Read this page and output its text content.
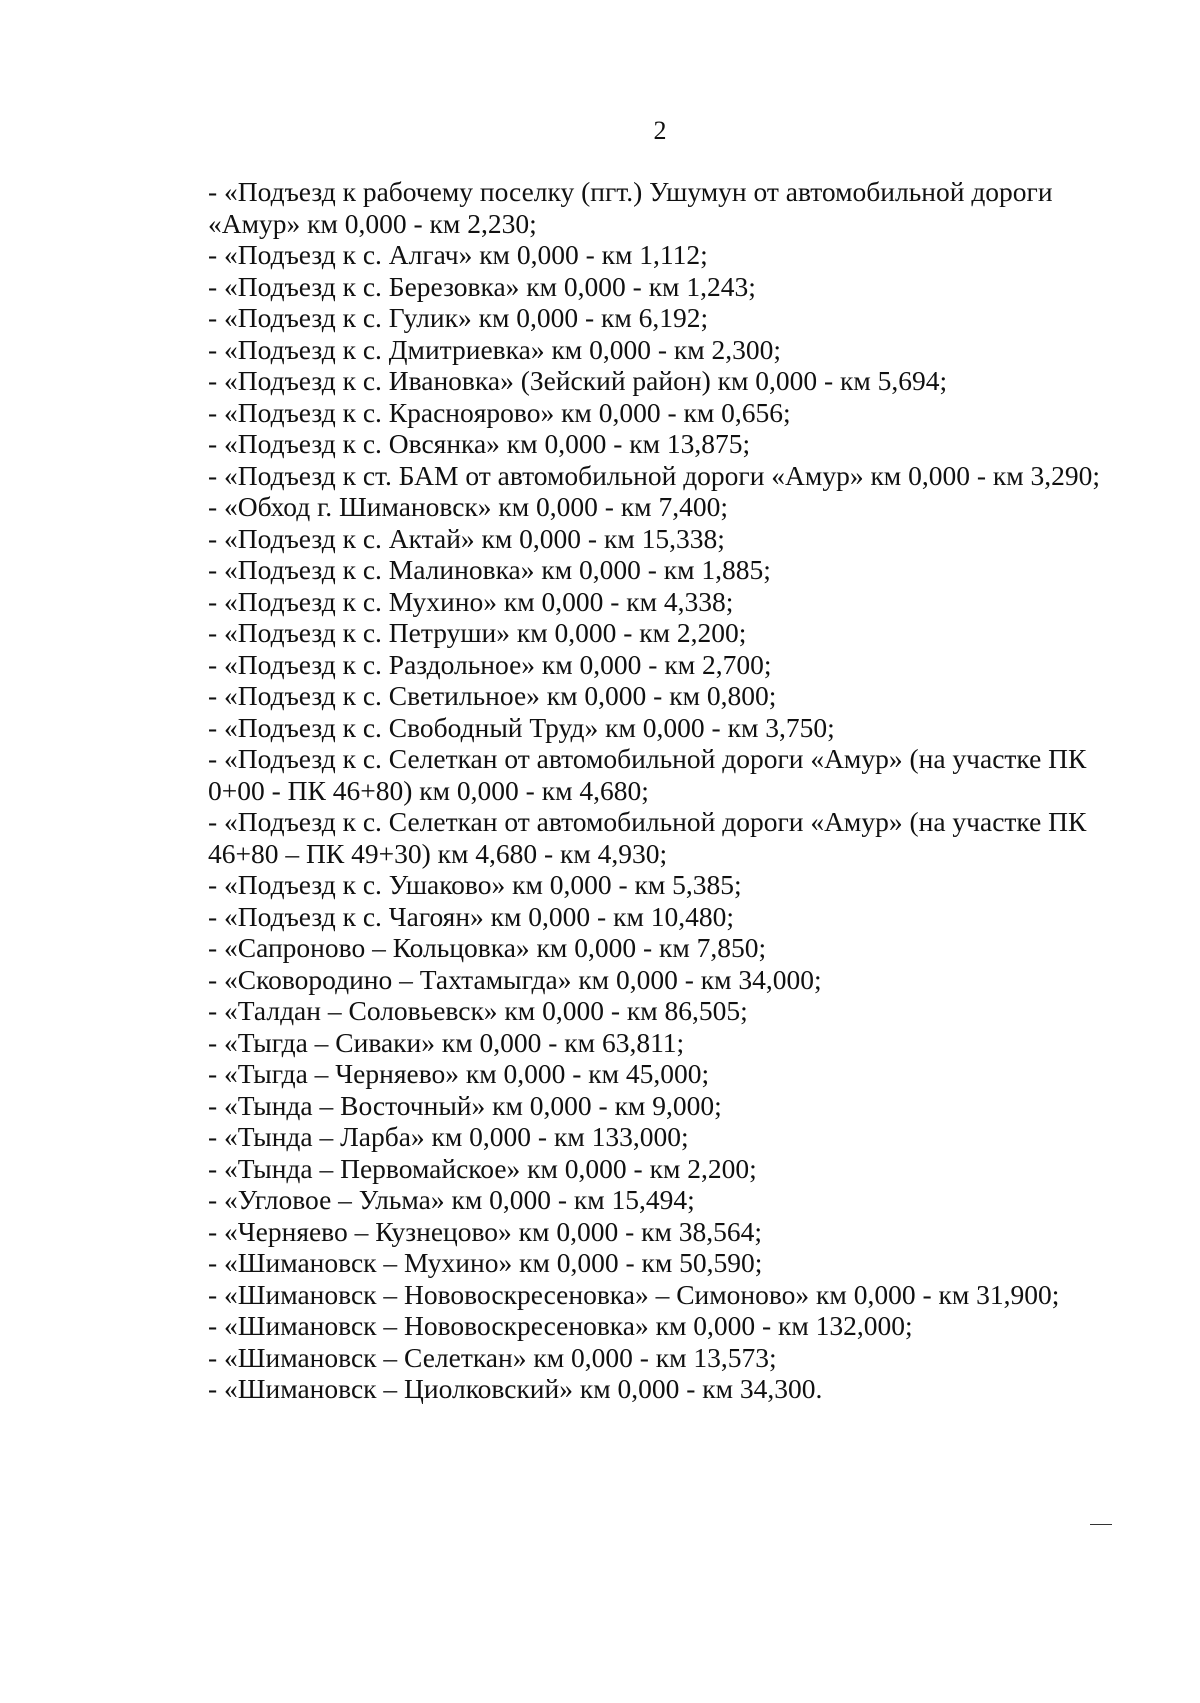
2
- «Подъезд к рабочему поселку (пгт.) Ушумун от автомобильной дороги «Амур» км 0,000 - км 2,230;
- «Подъезд к с. Алгач» км 0,000 - км 1,112;
- «Подъезд к с. Березовка» км 0,000 - км 1,243;
- «Подъезд к с. Гулик» км 0,000 - км 6,192;
- «Подъезд к с. Дмитриевка» км 0,000 - км 2,300;
- «Подъезд к с. Ивановка» (Зейский район) км 0,000 - км 5,694;
- «Подъезд к с. Краснoярово» км 0,000 - км 0,656;
- «Подъезд к с. Овсянка» км 0,000 - км 13,875;
- «Подъезд к ст. БАМ от автомобильной дороги «Амур» км 0,000 - км 3,290;
- «Обход г. Шимановск» км 0,000 - км 7,400;
- «Подъезд к с. Актай» км 0,000 - км 15,338;
- «Подъезд к с. Малиновка» км 0,000 - км 1,885;
- «Подъезд к с. Мухино» км 0,000 - км 4,338;
- «Подъезд к с. Петруши» км 0,000 - км 2,200;
- «Подъезд к с. Раздольное» км 0,000 - км 2,700;
- «Подъезд к с. Светильное» км 0,000 - км 0,800;
- «Подъезд к с. Свободный Труд» км 0,000 - км 3,750;
- «Подъезд к с. Селеткан от автомобильной дороги «Амур» (на участке ПК 0+00 - ПК 46+80) км 0,000 - км 4,680;
- «Подъезд к с. Селеткан от автомобильной дороги «Амур» (на участке ПК 46+80 – ПК 49+30) км 4,680 - км 4,930;
- «Подъезд к с. Ушаково» км 0,000 - км 5,385;
- «Подъезд к с. Чагоян» км 0,000 - км 10,480;
- «Сапроново – Кольцовка» км 0,000 - км 7,850;
- «Сковородино – Тахтамыгда» км 0,000 - км 34,000;
- «Талдан – Соловьевск» км 0,000 - км 86,505;
- «Тыгда – Сиваки» км 0,000 - км 63,811;
- «Тыгда – Черняево» км 0,000 - км 45,000;
- «Тында – Восточный» км 0,000 - км 9,000;
- «Тында – Ларба» км 0,000 - км 133,000;
- «Тында – Первомайское» км 0,000 - км 2,200;
- «Угловое – Ульма» км 0,000 - км 15,494;
- «Черняево – Кузнецово» км 0,000 - км 38,564;
- «Шимановск – Мухино» км 0,000 - км 50,590;
- «Шимановск – Нововоскресеновка» – Симоново» км 0,000 - км 31,900;
- «Шимановск – Нововоскресеновка» км 0,000 - км 132,000;
- «Шимановск – Селеткан» км 0,000 - км 13,573;
- «Шимановск – Циолковский» км 0,000 - км 34,300.
